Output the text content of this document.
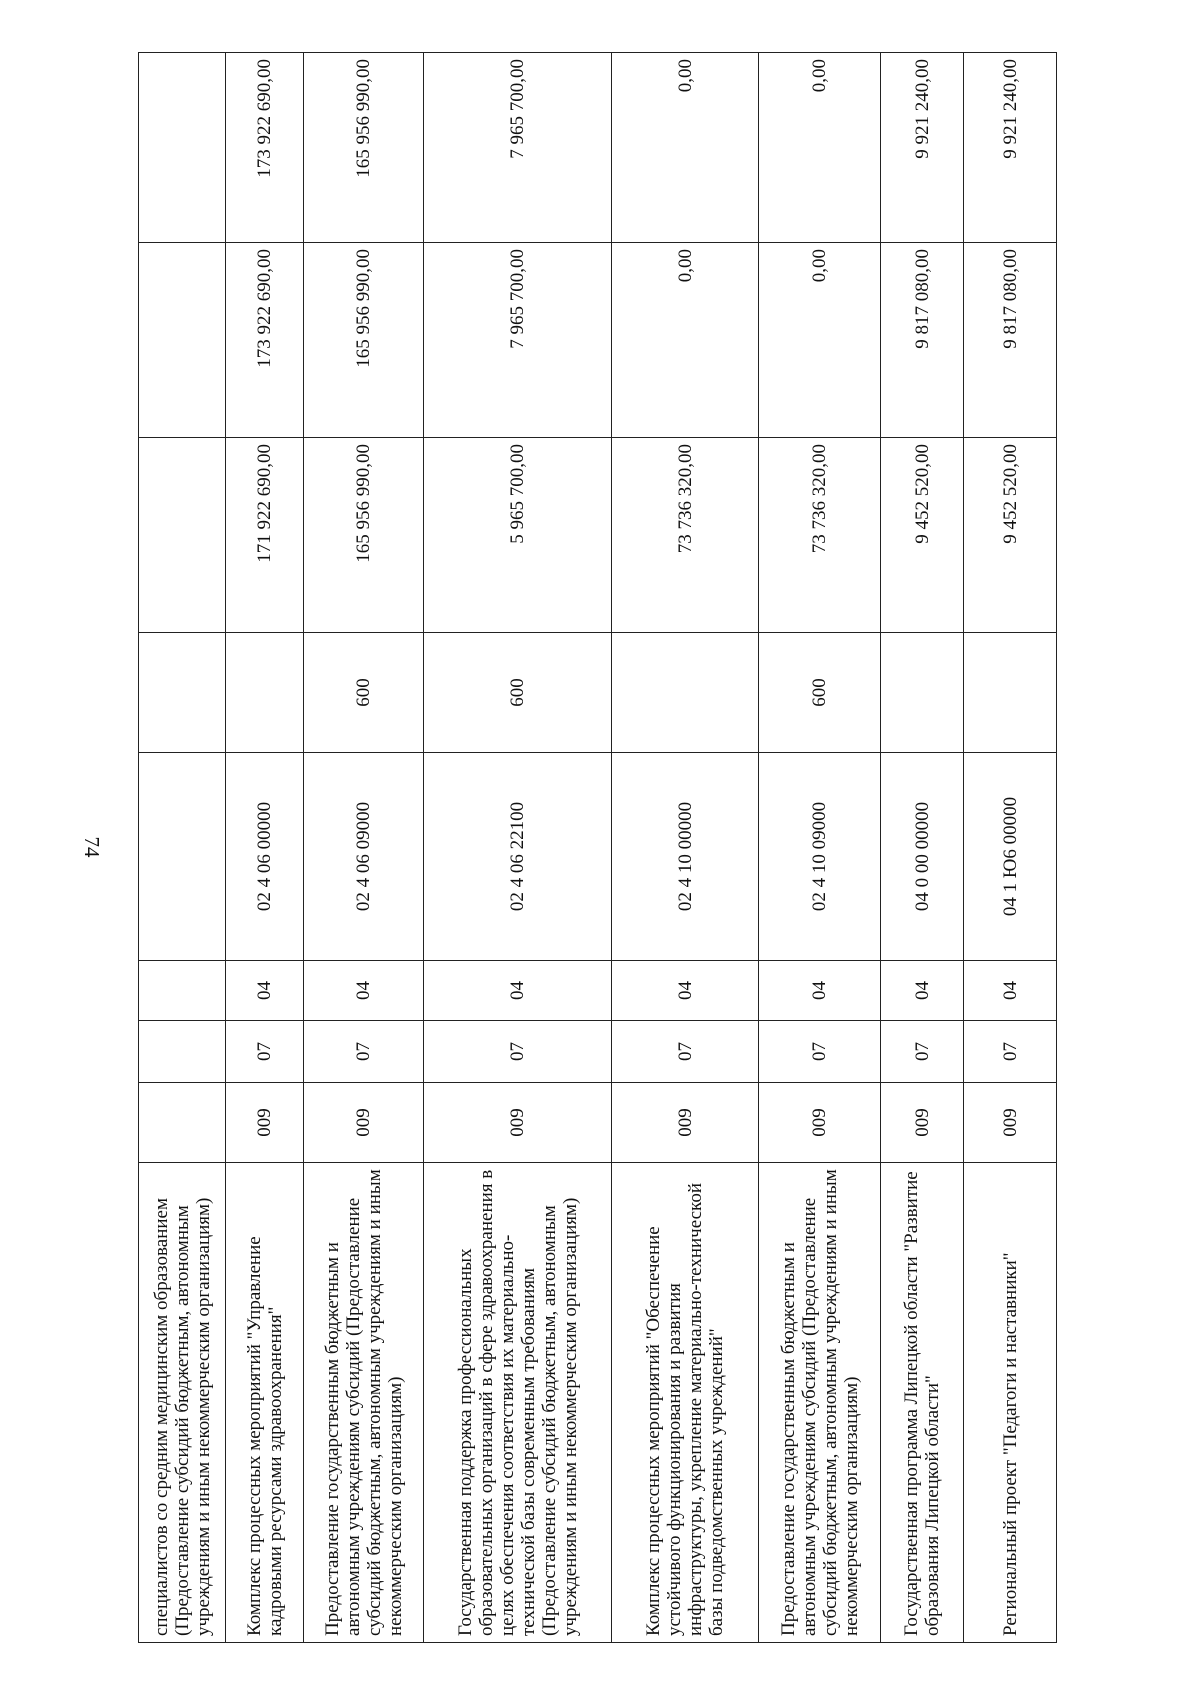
74
специалистов со средним медицинским образованием (Предоставление субсидий бюджетным, автономным учреждениям и иным некоммерческим организациям)								
Комплекс процессных мероприятий "Управление кадровыми ресурсами здравоохранения"	009	07	04	02 4 06 00000		171 922 690,00	173 922 690,00	173 922 690,00
Предоставление государственным бюджетным и автономным учреждениям субсидий (Предоставление субсидий бюджетным, автономным учреждениям и иным некоммерческим организациям)	009	07	04	02 4 06 09000	600	165 956 990,00	165 956 990,00	165 956 990,00
Государственная поддержка профессиональных образовательных организаций в сфере здравоохранения в целях обеспечения соответствия их материально-технической базы современным требованиям (Предоставление субсидий бюджетным, автономным учреждениям и иным некоммерческим организациям)	009	07	04	02 4 06 22100	600	5 965 700,00	7 965 700,00	7 965 700,00
Комплекс процессных мероприятий "Обеспечение устойчивого функционирования и развития инфраструктуры, укрепление материально-технической базы подведомственных учреждений"	009	07	04	02 4 10 00000		73 736 320,00	0,00	0,00
Предоставление государственным бюджетным и автономным учреждениям субсидий (Предоставление субсидий бюджетным, автономным учреждениям и иным некоммерческим организациям)	009	07	04	02 4 10 09000	600	73 736 320,00	0,00	0,00
Государственная программа Липецкой области "Развитие образования Липецкой области"	009	07	04	04 0 00 00000		9 452 520,00	9 817 080,00	9 921 240,00
Региональный проект "Педагоги и наставники"	009	07	04	04 1 Ю6 00000		9 452 520,00	9 817 080,00	9 921 240,00
